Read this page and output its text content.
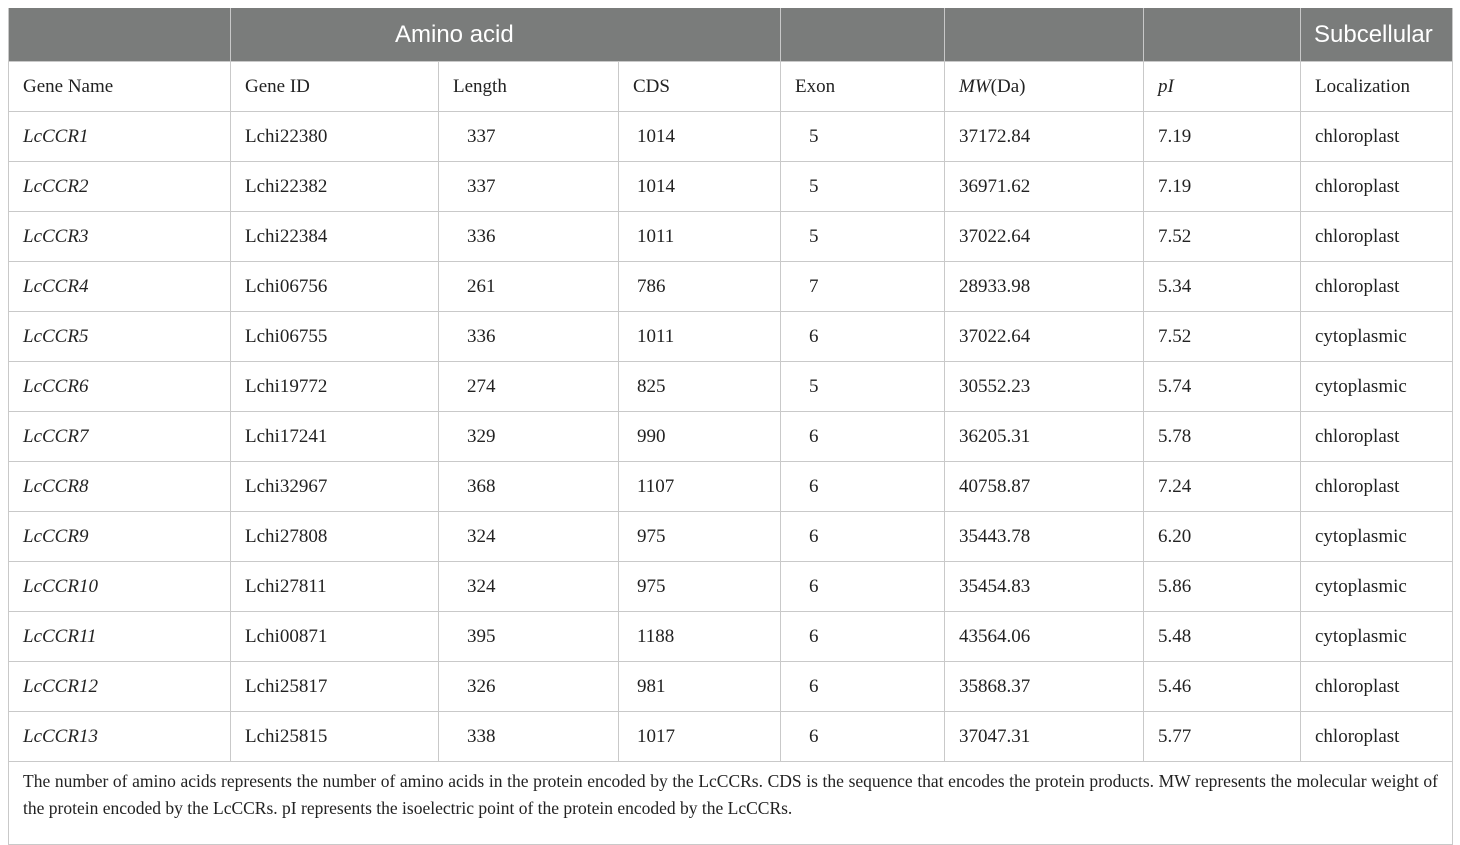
	Amino acid						Subcellular
Gene Name	Gene ID	Length	CDS	Exon	MW(Da)	pI	Localization
LcCCR1	Lchi22380	337	1014	5	37172.84	7.19	chloroplast
LcCCR2	Lchi22382	337	1014	5	36971.62	7.19	chloroplast
LcCCR3	Lchi22384	336	1011	5	37022.64	7.52	chloroplast
LcCCR4	Lchi06756	261	786	7	28933.98	5.34	chloroplast
LcCCR5	Lchi06755	336	1011	6	37022.64	7.52	cytoplasmic
LcCCR6	Lchi19772	274	825	5	30552.23	5.74	cytoplasmic
LcCCR7	Lchi17241	329	990	6	36205.31	5.78	chloroplast
LcCCR8	Lchi32967	368	1107	6	40758.87	7.24	chloroplast
LcCCR9	Lchi27808	324	975	6	35443.78	6.20	cytoplasmic
LcCCR10	Lchi27811	324	975	6	35454.83	5.86	cytoplasmic
LcCCR11	Lchi00871	395	1188	6	43564.06	5.48	cytoplasmic
LcCCR12	Lchi25817	326	981	6	35868.37	5.46	chloroplast
LcCCR13	Lchi25815	338	1017	6	37047.31	5.77	chloroplast
The number of amino acids represents the number of amino acids in the protein encoded by the LcCCRs. CDS is the sequence that encodes the protein products. MW represents the molecular weight of the protein encoded by the LcCCRs. pI represents the isoelectric point of the protein encoded by the LcCCRs.							
